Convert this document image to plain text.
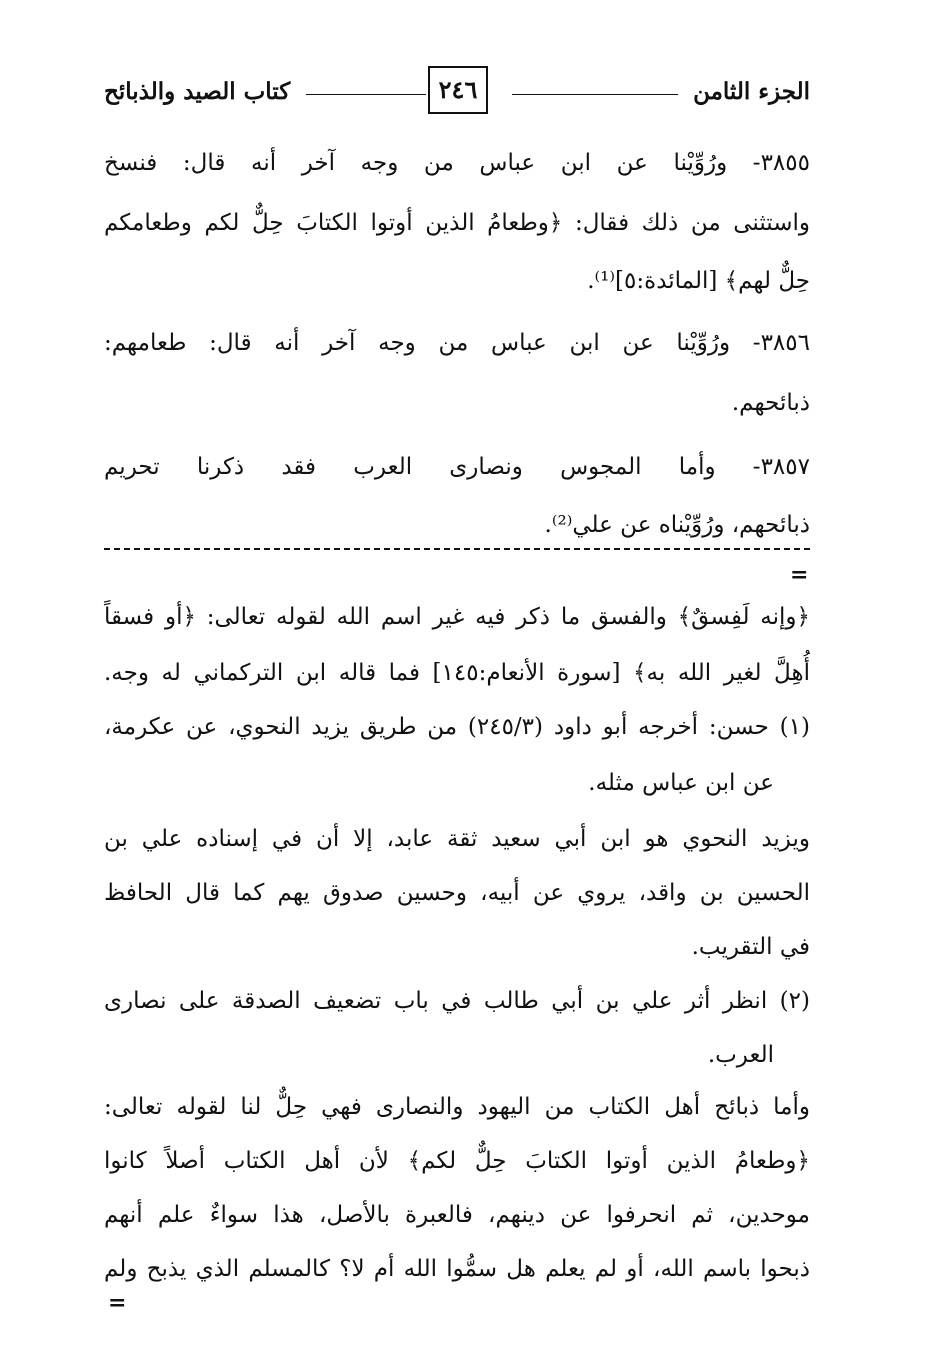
الجزء الثامن
٢٤٦
كتاب الصيد والذبائح
٣٨٥٥- ورُوِّيْنا عن ابن عباس من وجه آخر أنه قال: فنسخ
واستثنى من ذلك فقال: ﴿وطعامُ الذين أوتوا الكتابَ حِلٌّ لكم وطعامكم
حِلٌّ لهم﴾ [المائدة:٥]⁽¹⁾.
٣٨٥٦- ورُوِّيْنا عن ابن عباس من وجه آخر أنه قال: طعامهم:
ذبائحهم.
٣٨٥٧- وأما المجوس ونصارى العرب فقد ذكرنا تحريم
ذبائحهم، ورُوِّيْناه عن علي⁽²⁾.
=
﴿وإنه لَفِسقٌ﴾ والفسق ما ذكر فيه غير اسم الله لقوله تعالى: ﴿أو فسقاً
أُهِلَّ لغير الله به﴾ [سورة الأنعام:١٤٥] فما قاله ابن التركماني له وجه.
(١) حسن: أخرجه أبو داود (٢٤٥/٣) من طريق يزيد النحوي، عن عكرمة،
عن ابن عباس مثله.
ويزيد النحوي هو ابن أبي سعيد ثقة عابد، إلا أن في إسناده علي بن
الحسين بن واقد، يروي عن أبيه، وحسين صدوق يهم كما قال الحافظ
في التقريب.
(٢) انظر أثر علي بن أبي طالب في باب تضعيف الصدقة على نصارى
العرب.
وأما ذبائح أهل الكتاب من اليهود والنصارى فهي حِلٌّ لنا لقوله تعالى:
﴿وطعامُ الذين أوتوا الكتابَ حِلٌّ لكم﴾ لأن أهل الكتاب أصلاً كانوا
موحدين، ثم انحرفوا عن دينهم، فالعبرة بالأصل، هذا سواءٌ علم أنهم
ذبحوا باسم الله، أو لم يعلم هل سمُّوا الله أم لا؟ كالمسلم الذي يذبح ولم
=
